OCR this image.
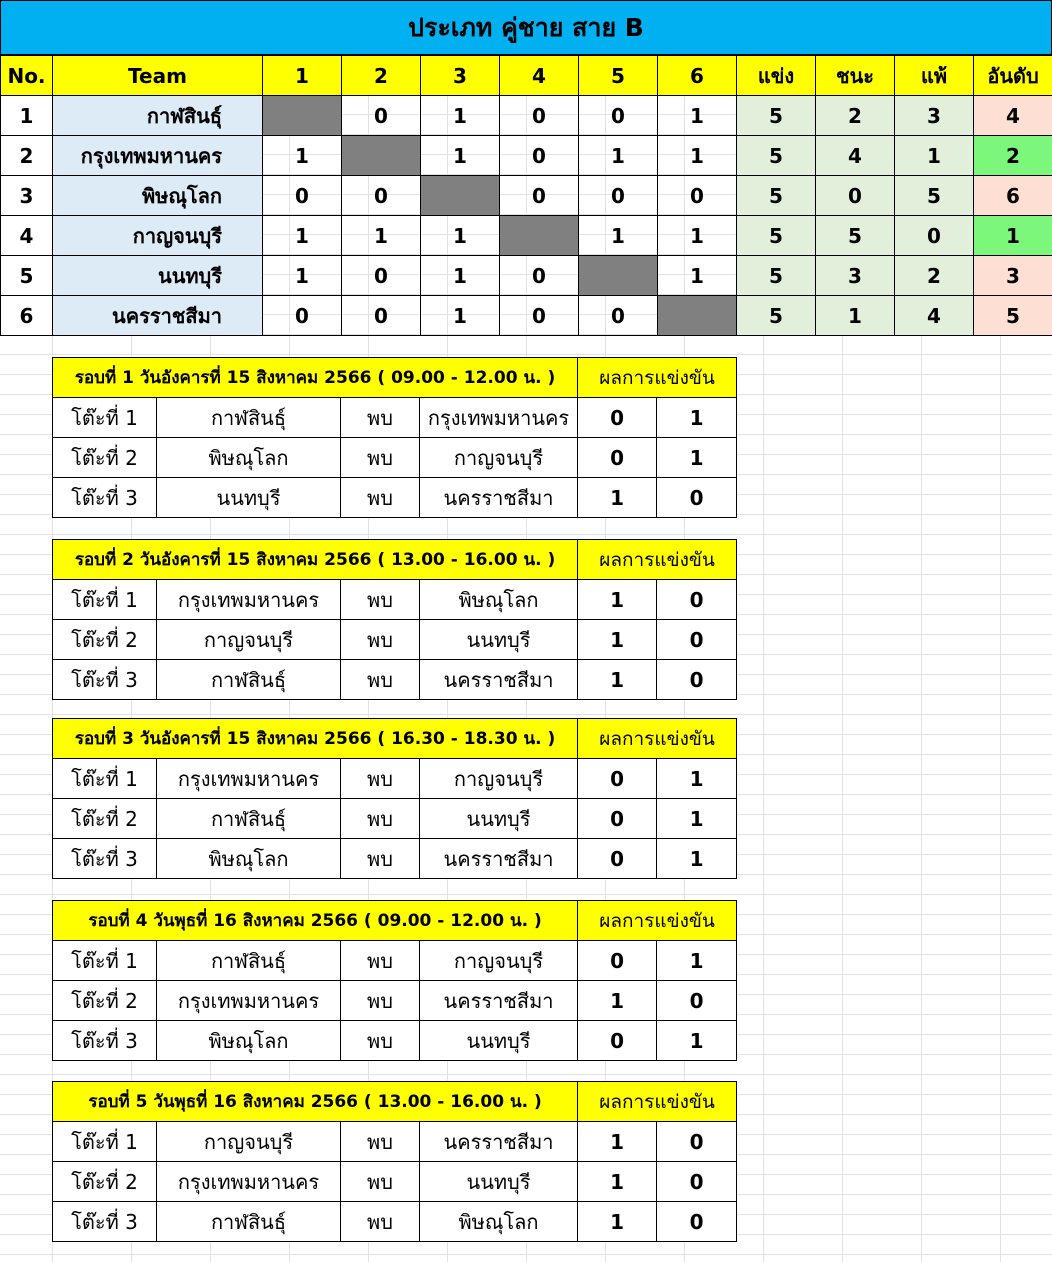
ประเภท คู่ชาย สาย B
No.	Team	1	2	3	4	5	6	แข่ง	ชนะ	แพ้	อันดับ
1	กาฬสินธุ์		0	1	0	0	1	5	2	3	4
2	กรุงเทพมหานคร	1		1	0	1	1	5	4	1	2
3	พิษณุโลก	0	0		0	0	0	5	0	5	6
4	กาญจนบุรี	1	1	1		1	1	5	5	0	1
5	นนทบุรี	1	0	1	0		1	5	3	2	3
6	นครราชสีมา	0	0	1	0	0		5	1	4	5
รอบที่ 1 วันอังคารที่ 15 สิงหาคม 2566 ( 09.00 - 12.00 น. )				ผลการแข่งขัน	
โต๊ะที่ 1	กาฬสินธุ์	พบ	กรุงเทพมหานคร	0	1
โต๊ะที่ 2	พิษณุโลก	พบ	กาญจนบุรี	0	1
โต๊ะที่ 3	นนทบุรี	พบ	นครราชสีมา	1	0
รอบที่ 2 วันอังคารที่ 15 สิงหาคม 2566 ( 13.00 - 16.00 น. )				ผลการแข่งขัน	
โต๊ะที่ 1	กรุงเทพมหานคร	พบ	พิษณุโลก	1	0
โต๊ะที่ 2	กาญจนบุรี	พบ	นนทบุรี	1	0
โต๊ะที่ 3	กาฬสินธุ์	พบ	นครราชสีมา	1	0
รอบที่ 3 วันอังคารที่ 15 สิงหาคม 2566 ( 16.30 - 18.30 น. )				ผลการแข่งขัน	
โต๊ะที่ 1	กรุงเทพมหานคร	พบ	กาญจนบุรี	0	1
โต๊ะที่ 2	กาฬสินธุ์	พบ	นนทบุรี	0	1
โต๊ะที่ 3	พิษณุโลก	พบ	นครราชสีมา	0	1
รอบที่ 4 วันพุธที่ 16 สิงหาคม 2566 ( 09.00 - 12.00 น. )				ผลการแข่งขัน	
โต๊ะที่ 1	กาฬสินธุ์	พบ	กาญจนบุรี	0	1
โต๊ะที่ 2	กรุงเทพมหานคร	พบ	นครราชสีมา	1	0
โต๊ะที่ 3	พิษณุโลก	พบ	นนทบุรี	0	1
รอบที่ 5 วันพุธที่ 16 สิงหาคม 2566 ( 13.00 - 16.00 น. )				ผลการแข่งขัน	
โต๊ะที่ 1	กาญจนบุรี	พบ	นครราชสีมา	1	0
โต๊ะที่ 2	กรุงเทพมหานคร	พบ	นนทบุรี	1	0
โต๊ะที่ 3	กาฬสินธุ์	พบ	พิษณุโลก	1	0
